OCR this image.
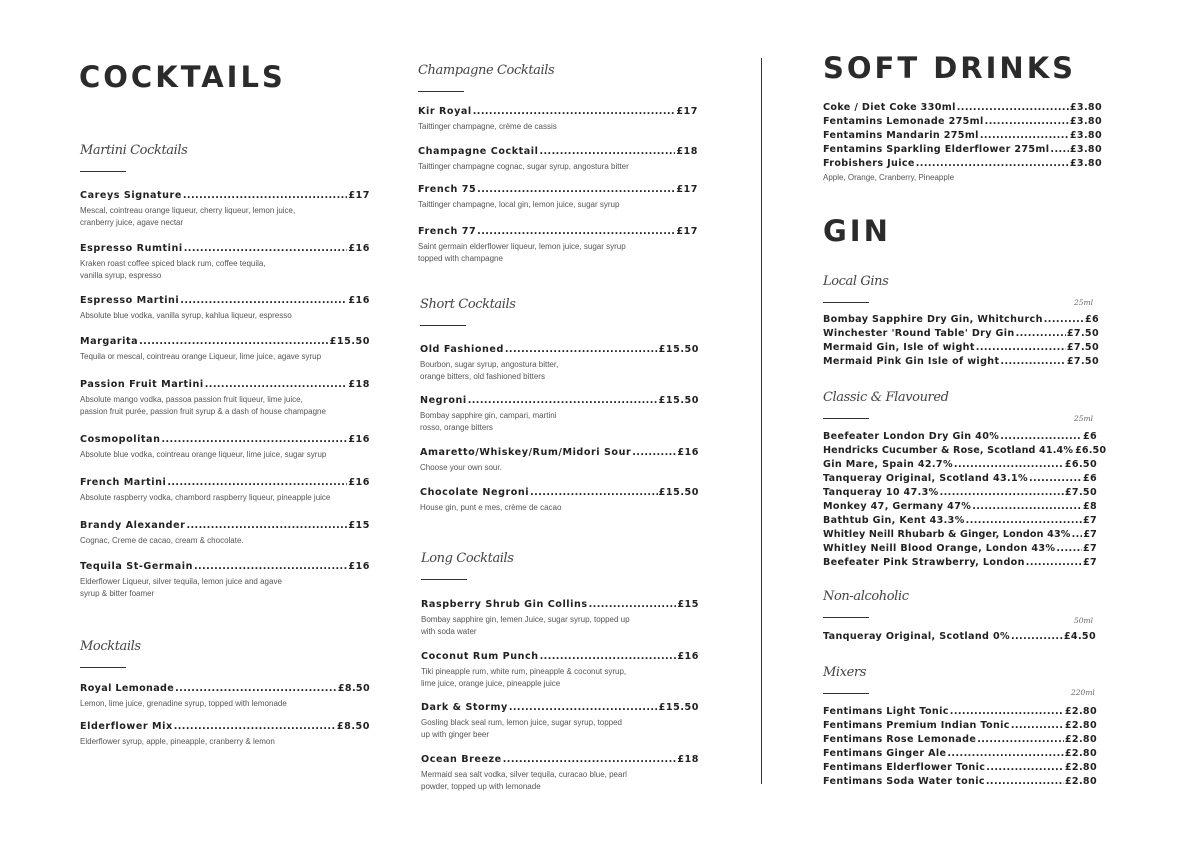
COCKTAILS
Martini Cocktails
Careys Signature .....	£17
Mescal, cointreau orange liqueur, cherry liqueur, lemon juice,
cranberry juice, agave nectar
Espresso Rumtini .....	£16
Kraken roast coffee spiced black rum, coffee tequila,
vanilla syrup, espresso
Espresso Martini .....	£16
Absolute blue vodka, vanilla syrup, kahlua liqueur, espresso
Margarita .....	£15.50
Tequila or mescal, cointreau orange Liqueur, lime juice, agave syrup
Passion Fruit Martini .....	£18
Absolute mango vodka, passoa passion fruit liqueur, lime juice,
passion fruit purée, passion fruit syrup & a dash of house champagne
Cosmopolitan .....	£16
Absolute blue vodka, cointreau orange liqueur, lime juice, sugar syrup
French Martini .....	£16
Absolute raspberry vodka, chambord raspberry liqueur, pineapple juice
Brandy Alexander .....	£15
Cognac, Creme de cacao, cream & chocolate.
Tequila St-Germain .....	£16
Elderflower Liqueur, silver tequila, lemon juice and agave
syrup & bitter foamer
Mocktails
Royal Lemonade .....	£8.50
Lemon, lime juice, grenadine syrup, topped with lemonade
Elderflower Mix .....	£8.50
Elderflower syrup, apple, pineapple, cranberry & lemon
Champagne Cocktails
Kir Royal .....	£17
Taittinger champagne, crème de cassis
Champagne Cocktail .....	£18
Taittinger champagne cognac, sugar syrup, angostura bitter
French 75 .....	£17
Taittinger champagne, local gin, lemon juice, sugar syrup
French 77 .....	£17
Saint germain elderflower liqueur, lemon juice, sugar syrup
topped with champagne
Short Cocktails
Old Fashioned .....	£15.50
Bourbon, sugar syrup, angostura bitter,
orange bitters, old fashioned bitters
Negroni .....	£15.50
Bombay sapphire gin, campari, martini
rosso, orange bitters
Amaretto/Whiskey/Rum/Midori Sour .....	£16
Choose your own sour.
Chocolate Negroni .....	£15.50
House gin, punt e mes, crème de cacao
Long Cocktails
Raspberry Shrub Gin Collins .....	£15
Bombay sapphire gin, lemen Juice, sugar syrup, topped up
with soda water
Coconut Rum Punch .....	£16
Tiki pineapple rum, white rum, pineapple & coconut syrup,
lime juice, orange juice, pineapple juice
Dark & Stormy .....	£15.50
Gosling black seal rum, lemon juice, sugar syrup, topped
up with ginger beer
Ocean Breeze .....	£18
Mermaid sea salt vodka, silver tequila, curacao blue, pearl
powder, topped up with lemonade
SOFT DRINKS
Coke / Diet Coke 330ml .....	£3.80
Fentamins Lemonade 275ml .....	£3.80
Fentamins Mandarin 275ml .....	£3.80
Fentamins Sparkling Elderflower 275ml ..... £3.80
Frobishers Juice .....	£3.80
Apple, Orange, Cranberry, Pineapple
GIN
Local Gins
25ml
Bombay Sapphire Dry Gin, Whitchurch .....	£6
Winchester 'Round Table' Dry Gin .....	£7.50
Mermaid Gin, Isle of wight .....	£7.50
Mermaid Pink Gin Isle of wight .....	£7.50
Classic & Flavoured
25ml
Beefeater London Dry Gin 40% .....	£6
Hendricks Cucumber & Rose, Scotland 41.4% £6.50
Gin Mare, Spain 42.7% .....	£6.50
Tanqueray Original, Scotland 43.1% .....	£6
Tanqueray 10 47.3% .....	£7.50
Monkey 47, Germany 47% .....	£8
Bathtub Gin, Kent 43.3% .....	£7
Whitley Neill Rhubarb & Ginger, London 43% ..... £7
Whitley Neill Blood Orange, London 43% .....	£7
Beefeater Pink Strawberry, London .....	£7
Non-alcoholic
50ml
Tanqueray Original, Scotland 0% .....	£4.50
Mixers
220ml
Fentimans Light Tonic .....	£2.80
Fentimans Premium Indian Tonic .....	£2.80
Fentimans Rose Lemonade .....	£2.80
Fentimans Ginger Ale .....	£2.80
Fentimans Elderflower Tonic .....	£2.80
Fentimans Soda Water tonic .....	£2.80
